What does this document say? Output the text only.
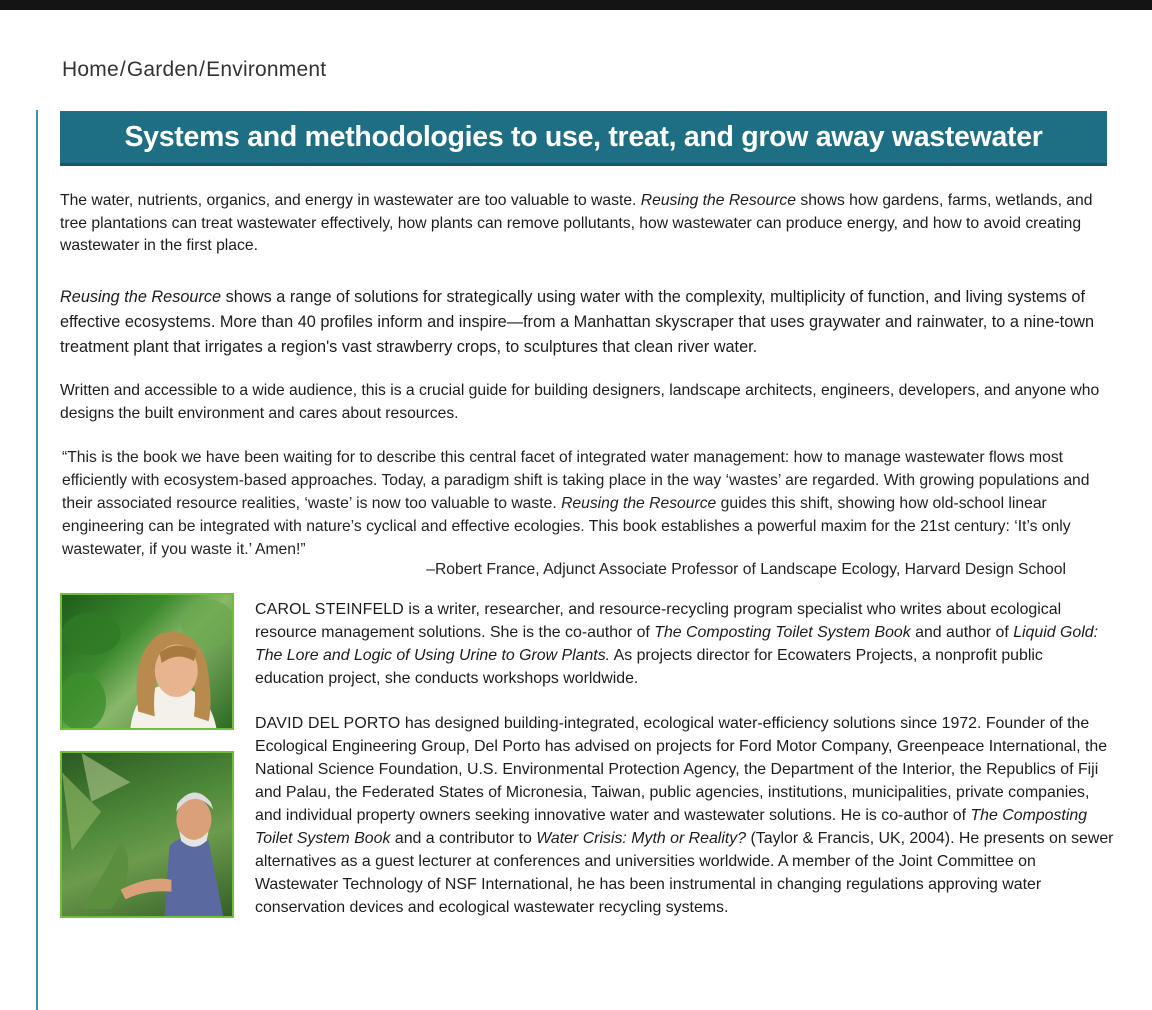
Home/Garden/Environment
Systems and methodologies to use, treat, and grow away wastewater

The water, nutrients, organics, and energy in wastewater are too valuable to waste. Reusing the Resource shows how gardens, farms, wetlands, and tree plantations can treat wastewater effectively, how plants can remove pollutants, how wastewater can produce energy, and how to avoid creating wastewater in the first place.

Reusing the Resource shows a range of solutions for strategically using water with the complexity, multiplicity of function, and living systems of effective ecosystems. More than 40 profiles inform and inspire—from a Manhattan skyscraper that uses graywater and rainwater, to a nine-town treatment plant that irrigates a region's vast strawberry crops, to sculptures that clean river water.

Written and accessible to a wide audience, this is a crucial guide for building designers, landscape architects, engineers, developers, and anyone who designs the built environment and cares about resources.

“This is the book we have been waiting for to describe this central facet of integrated water management: how to manage wastewater flows most efficiently with ecosystem-based approaches. Today, a paradigm shift is taking place in the way ‘wastes’ are regarded. With growing populations and their associated resource realities, ‘waste’ is now too valuable to waste. Reusing the Resource guides this shift, showing how old-school linear engineering can be integrated with nature’s cyclical and effective ecologies. This book establishes a powerful maxim for the 21st century: ‘It’s only wastewater, if you waste it.’ Amen!”

–Robert France, Adjunct Associate Professor of Landscape Ecology, Harvard Design School

CAROL STEINFELD is a writer, researcher, and resource-recycling program specialist who writes about ecological resource management solutions. She is the co-author of The Composting Toilet System Book and author of Liquid Gold: The Lore and Logic of Using Urine to Grow Plants. As projects director for Ecowaters Projects, a nonprofit public education project, she conducts workshops worldwide.

DAVID DEL PORTO has designed building-integrated, ecological water-efficiency solutions since 1972. Founder of the Ecological Engineering Group, Del Porto has advised on projects for Ford Motor Company, Greenpeace International, the National Science Foundation, U.S. Environmental Protection Agency, the Department of the Interior, the Republics of Fiji and Palau, the Federated States of Micronesia, Taiwan, public agencies, institutions, municipalities, private companies, and individual property owners seeking innovative water and wastewater solutions. He is co-author of The Composting Toilet System Book and a contributor to Water Crisis: Myth or Reality? (Taylor & Francis, UK, 2004). He presents on sewer alternatives as a guest lecturer at conferences and universities worldwide. A member of the Joint Committee on Wastewater Technology of NSF International, he has been instrumental in changing regulations approving water conservation devices and ecological wastewater recycling systems.
